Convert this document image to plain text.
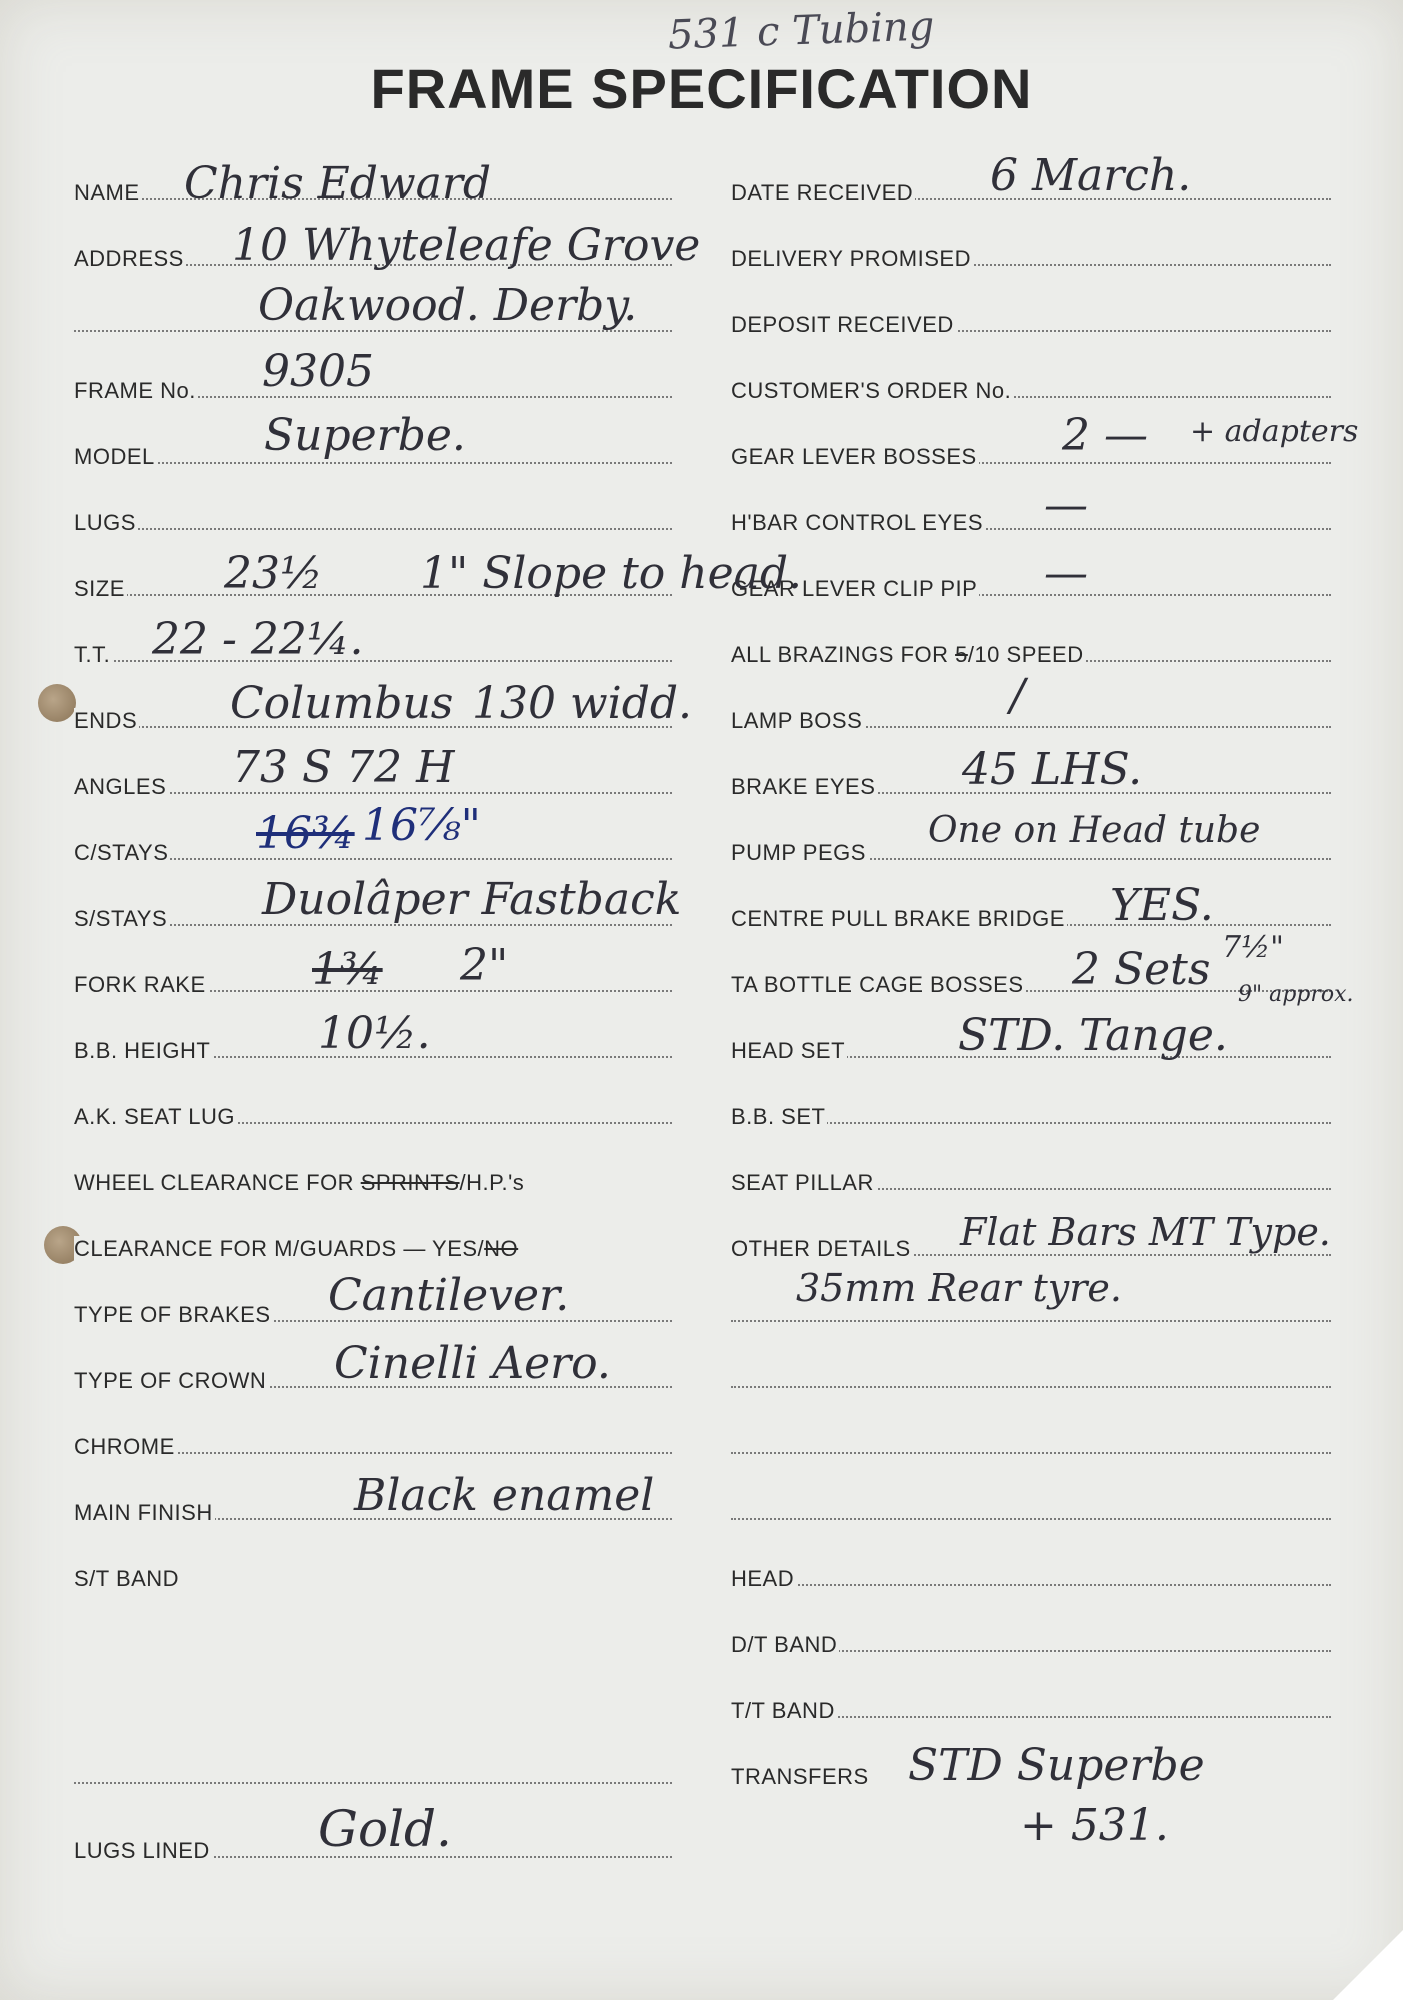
531 c Tubing
FRAME SPECIFICATION
NAME
ADDRESS
FRAME No.
MODEL
LUGS
SIZE
T.T.
ENDS
ANGLES
C/STAYS
S/STAYS
FORK RAKE
B.B. HEIGHT
A.K. SEAT LUG
WHEEL CLEARANCE FOR SPRINTS/H.P.'s
CLEARANCE FOR M/GUARDS — YES/NO
TYPE OF BRAKES
TYPE OF CROWN
CHROME
MAIN FINISH
S/T BAND
LUGS LINED
DATE RECEIVED
DELIVERY PROMISED
DEPOSIT RECEIVED
CUSTOMER'S ORDER No.
GEAR LEVER BOSSES
H'BAR CONTROL EYES
GEAR LEVER CLIP PIP
ALL BRAZINGS FOR 5/10 SPEED
LAMP BOSS
BRAKE EYES
PUMP PEGS
CENTRE PULL BRAKE BRIDGE
TA BOTTLE CAGE BOSSES
HEAD SET
B.B. SET
SEAT PILLAR
OTHER DETAILS
HEAD
D/T BAND
T/T BAND
TRANSFERS
Chris Edward
10 Whyteleafe Grove
Oakwood. Derby.
9305
Superbe.
23½ 1" Slope to head.
22 - 22¼.
Columbus 130 widd.
73 S 72 H
16¾ 16⅞"
Duolâper Fastback
1¾ 2"
10½.
Cantilever.
Cinelli Aero.
Black enamel
Gold.
6 March.
2 — + adapters
—
—
/
45 LHS.
One on Head tube
YES.
2 Sets 7½"
9" approx.
STD. Tange.
Flat Bars MT Type.
35mm Rear tyre.
STD Superbe
+ 531.
